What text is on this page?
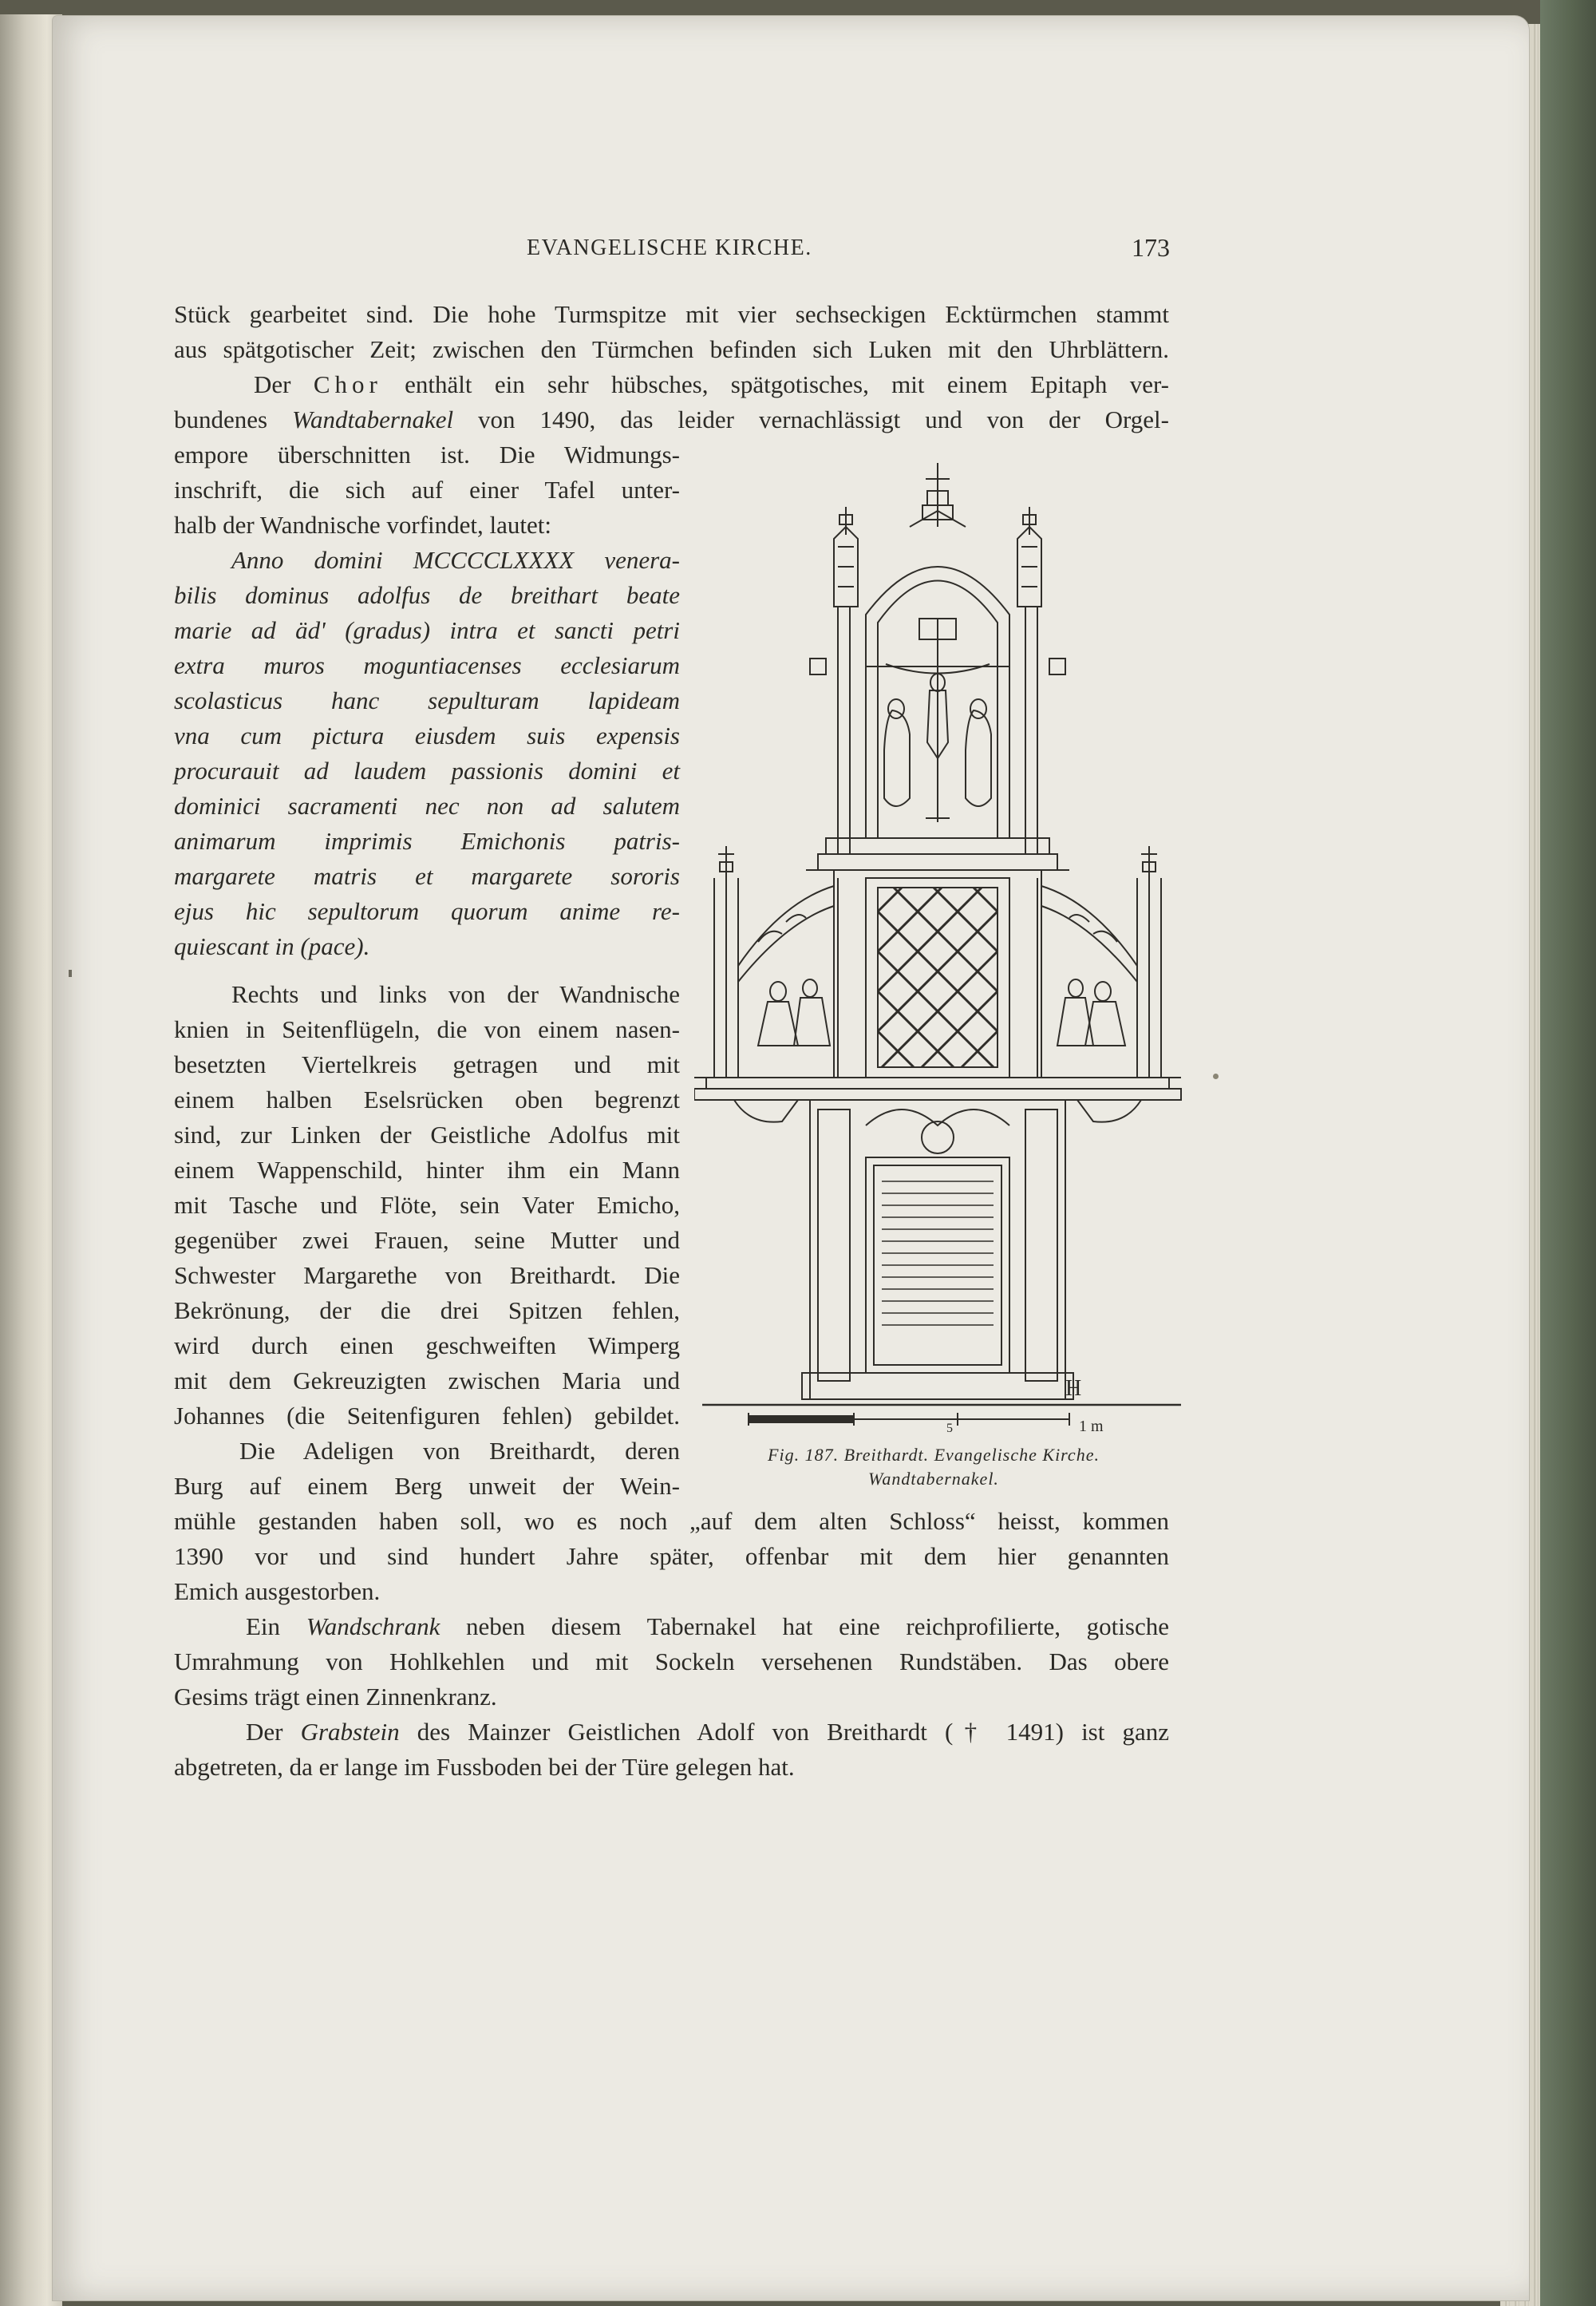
EVANGELISCHE KIRCHE.	173
Stück gearbeitet sind. Die hohe Turmspitze mit vier sechseckigen Ecktürmchen stammt
aus spätgotischer Zeit; zwischen den Türmchen befinden sich Luken mit den Uhrblättern.
Der Chor enthält ein sehr hübsches, spätgotisches, mit einem Epitaph ver-
bundenes Wandtabernakel von 1490, das leider vernachlässigt und von der Orgel-
empore überschnitten ist. Die Widmungs-
inschrift, die sich auf einer Tafel unter-
halb der Wandnische vorfindet, lautet:
Anno domini MCCCCLXXXX venera-
bilis dominus adolfus de breithart beate
marie ad äd' (gradus) intra et sancti petri
extra muros moguntiacenses ecclesiarum
scolasticus hanc sepulturam lapideam
vna cum pictura eiusdem suis expensis
procurauit ad laudem passionis domini et
dominici sacramenti nec non ad salutem
animarum imprimis Emichonis patris-
margarete matris et margarete sororis
ejus hic sepultorum quorum anime re-
quiescant in (pace).
Rechts und links von der Wandnische
knien in Seitenflügeln, die von einem nasen-
besetzten Viertelkreis getragen und mit
einem halben Eselsrücken oben begrenzt
sind, zur Linken der Geistliche Adolfus mit
einem Wappenschild, hinter ihm ein Mann
mit Tasche und Flöte, sein Vater Emicho,
gegenüber zwei Frauen, seine Mutter und
Schwester Margarethe von Breithardt. Die
Bekrönung, der die drei Spitzen fehlen,
wird durch einen geschweiften Wimperg
mit dem Gekreuzigten zwischen Maria und
Johannes (die Seitenfiguren fehlen) gebildet.
Die Adeligen von Breithardt, deren
Burg auf einem Berg unweit der Wein-
mühle gestanden haben soll, wo es noch „auf dem alten Schloss“ heisst, kommen
1390 vor und sind hundert Jahre später, offenbar mit dem hier genannten
Emich ausgestorben.
Ein Wandschrank neben diesem Tabernakel hat eine reichprofilierte, gotische
Umrahmung von Hohlkehlen und mit Sockeln versehenen Rundstäben. Das obere
Gesims trägt einen Zinnenkranz.
Der Grabstein des Mainzer Geistlichen Adolf von Breithardt († 1491) ist ganz
abgetreten, da er lange im Fussboden bei der Türe gelegen hat.
5	1 m
H
Fig. 187. Breithardt. Evangelische Kirche.
Wandtabernakel.
